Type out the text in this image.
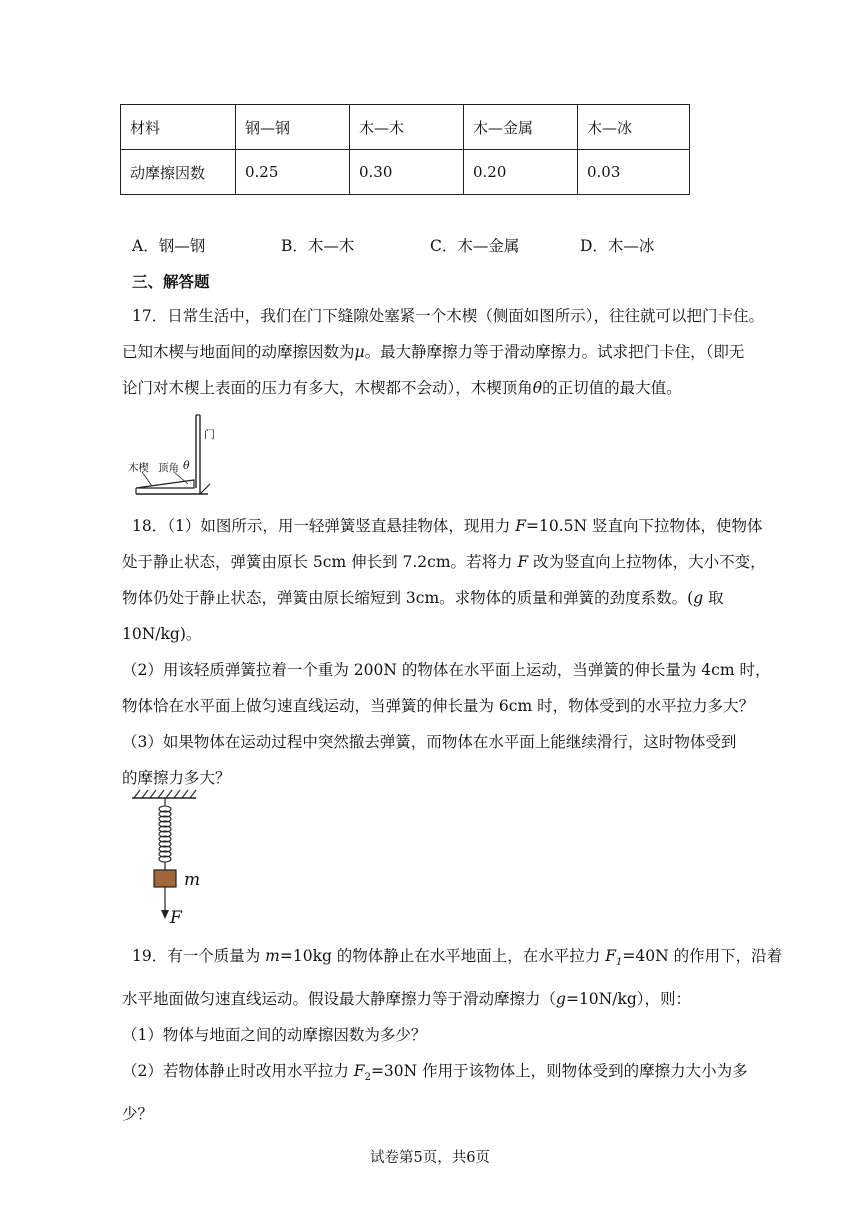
材料	钢—钢	木—木	木—金属	木—冰
动摩擦因数	0.25	0.30	0.20	0.03
A．钢—钢	B．木—木	C．木—金属	D．木—冰
三、解答题

17．日常生活中，我们在门下缝隙处塞紧一个木楔（侧面如图所示），往往就可以把门卡住。

已知木楔与地面间的动摩擦因数为μ。最大静摩擦力等于滑动摩擦力。试求把门卡住，（即无

论门对木楔上表面的压力有多大，木楔都不会动），木楔顶角θ的正切值的最大值。

门
木楔 顶角 θ

18．（1）如图所示，用一轻弹簧竖直悬挂物体，现用力 F=10.5N 竖直向下拉物体，使物体

处于静止状态，弹簧由原长 5cm 伸长到 7.2cm。若将力 F 改为竖直向上拉物体，大小不变，

物体仍处于静止状态，弹簧由原长缩短到 3cm。求物体的质量和弹簧的劲度系数。(g 取

10N/kg)。

（2）用该轻质弹簧拉着一个重为 200N 的物体在水平面上运动，当弹簧的伸长量为 4cm 时，

物体恰在水平面上做匀速直线运动，当弹簧的伸长量为 6cm 时，物体受到的水平拉力多大？

（3）如果物体在运动过程中突然撤去弹簧，而物体在水平面上能继续滑行，这时物体受到

的摩擦力多大？

m
F

19．有一个质量为 m=10kg 的物体静止在水平地面上，在水平拉力 $F_1=40N$ 的作用下，沿着

水平地面做匀速直线运动。假设最大静摩擦力等于滑动摩擦力（g=10N/kg），则：

（1）物体与地面之间的动摩擦因数为多少？

（2）若物体静止时改用水平拉力 $F_2=30N$ 作用于该物体上，则物体受到的摩擦力大小为多

少？

试卷第5页，共6页
